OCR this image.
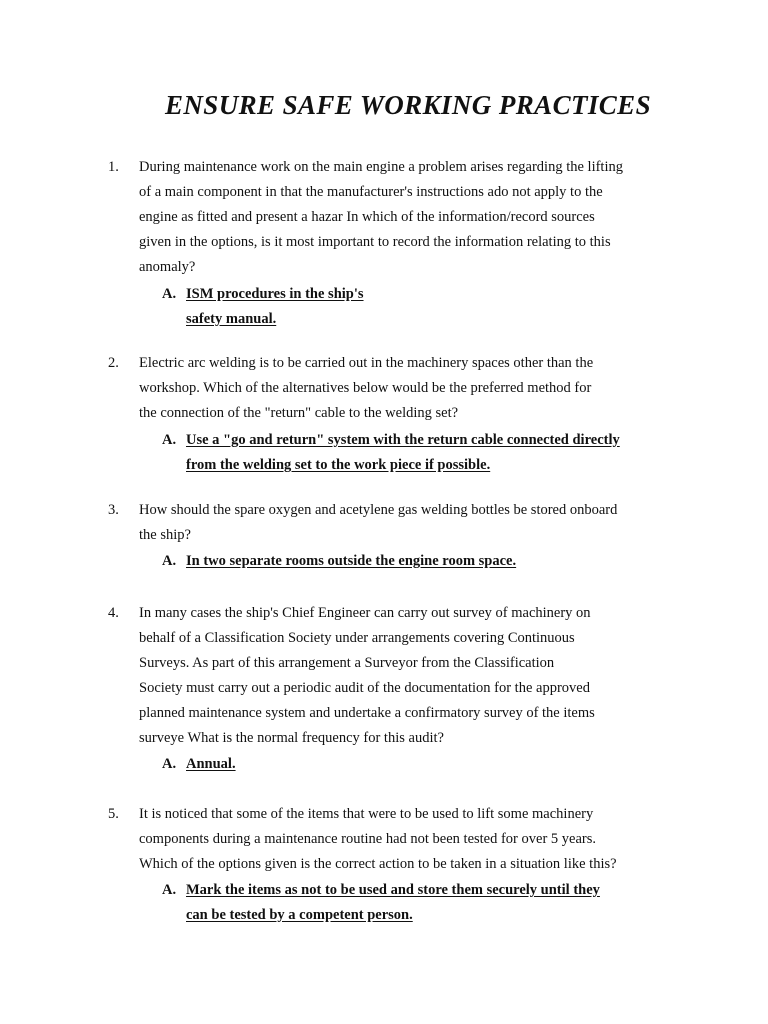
ENSURE SAFE WORKING PRACTICES
1. During maintenance work on the main engine a problem arises regarding the lifting
of a main component in that the manufacturer's instructions ado not apply to the
engine as fitted and present a hazar In which of the information/record sources
given in the options, is it most important to record the information relating to this
anomaly?
A. ISM procedures in the ship's
safety manual.
2. Electric arc welding is to be carried out in the machinery spaces other than the
workshop. Which of the alternatives below would be the preferred method for
the connection of the "return" cable to the welding set?
A. Use a "go and return" system with the return cable connected directly
from the welding set to the work piece if possible.
3. How should the spare oxygen and acetylene gas welding bottles be stored onboard
the ship?
A. In two separate rooms outside the engine room space.
4. In many cases the ship's Chief Engineer can carry out survey of machinery on
behalf of a Classification Society under arrangements covering Continuous
Surveys. As part of this arrangement a Surveyor from the Classification
Society must carry out a periodic audit of the documentation for the approved
planned maintenance system and undertake a confirmatory survey of the items
surveye What is the normal frequency for this audit?
A. Annual.
5. It is noticed that some of the items that were to be used to lift some machinery
components during a maintenance routine had not been tested for over 5 years.
Which of the options given is the correct action to be taken in a situation like this?
A. Mark the items as not to be used and store them securely until they
can be tested by a competent person.
